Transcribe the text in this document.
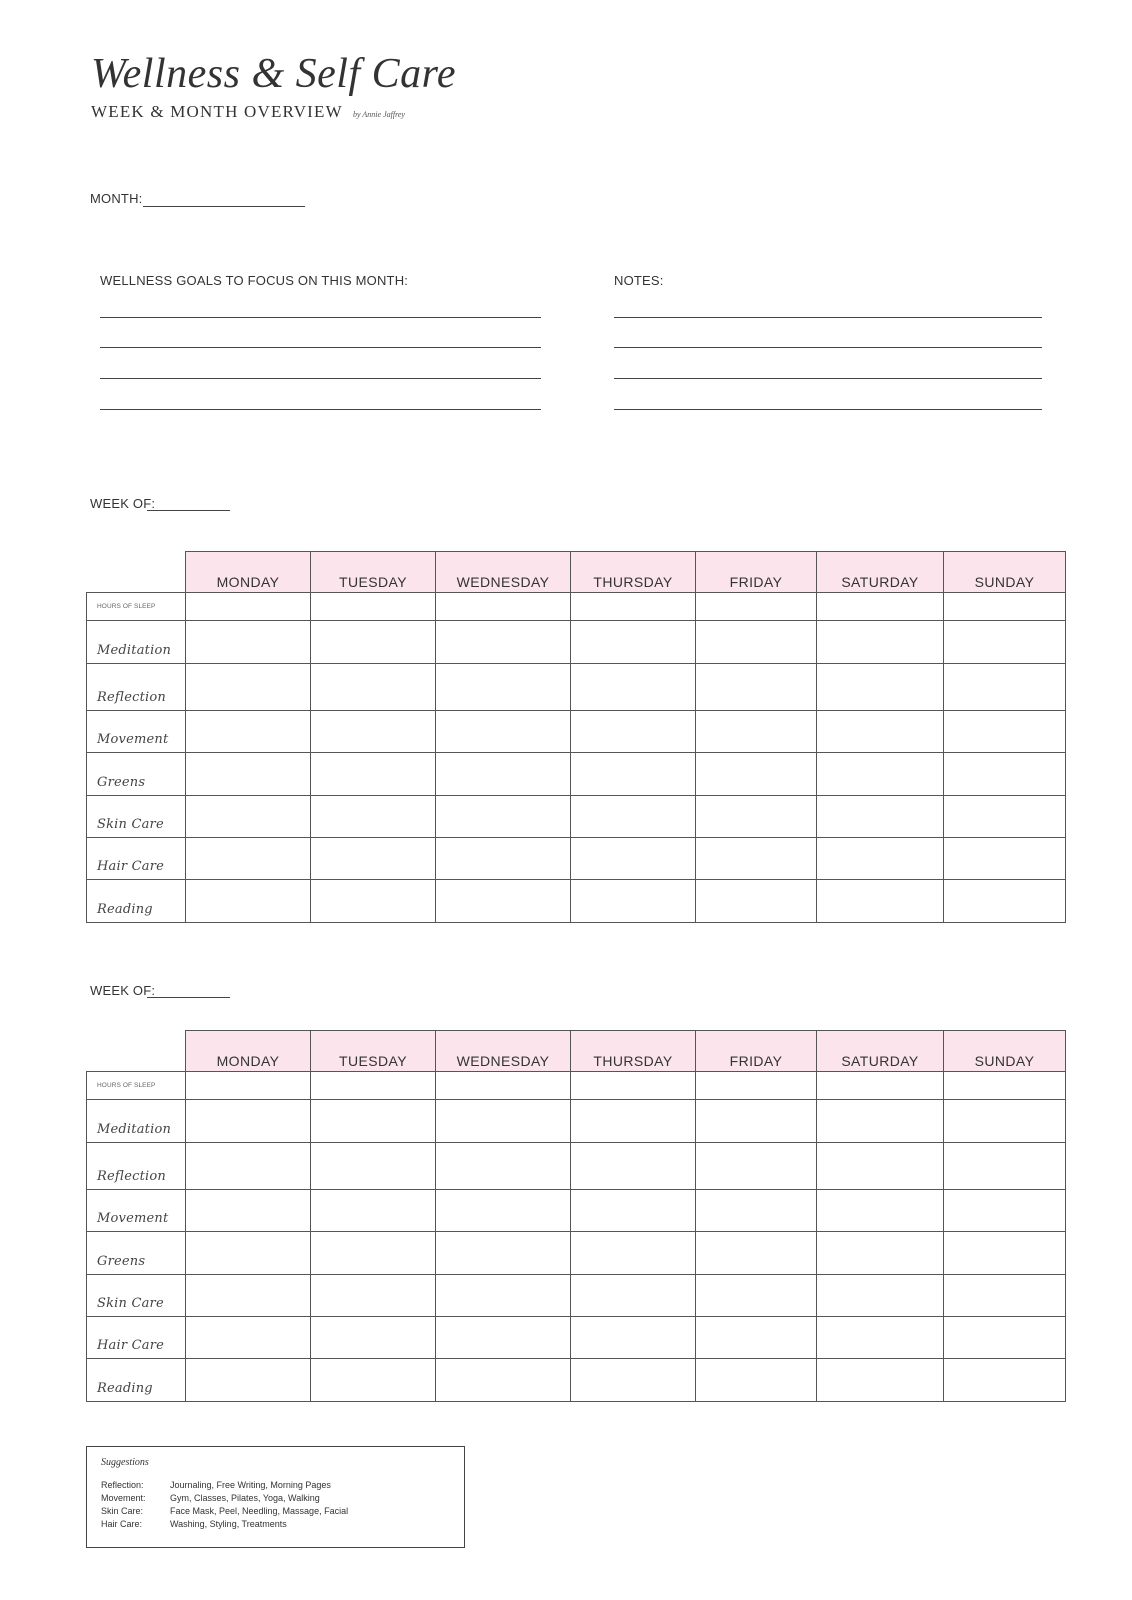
Wellness & Self Care
WEEK & MONTH OVERVIEW by Annie Jaffrey
MONTH:
WELLNESS GOALS TO FOCUS ON THIS MONTH:	NOTES:
WEEK OF:
	MONDAY	TUESDAY	WEDNESDAY	THURSDAY	FRIDAY	SATURDAY	SUNDAY
HOURS OF SLEEP							
Meditation							
Reflection							
Movement							
Greens							
Skin Care							
Hair Care							
Reading							
WEEK OF:
	MONDAY	TUESDAY	WEDNESDAY	THURSDAY	FRIDAY	SATURDAY	SUNDAY
HOURS OF SLEEP							
Meditation							
Reflection							
Movement							
Greens							
Skin Care							
Hair Care							
Reading							
Suggestions
Reflection:	Journaling, Free Writing, Morning Pages
Movement:	Gym, Classes, Pilates, Yoga, Walking
Skin Care:	Face Mask, Peel, Needling, Massage, Facial
Hair Care:	Washing, Styling, Treatments
